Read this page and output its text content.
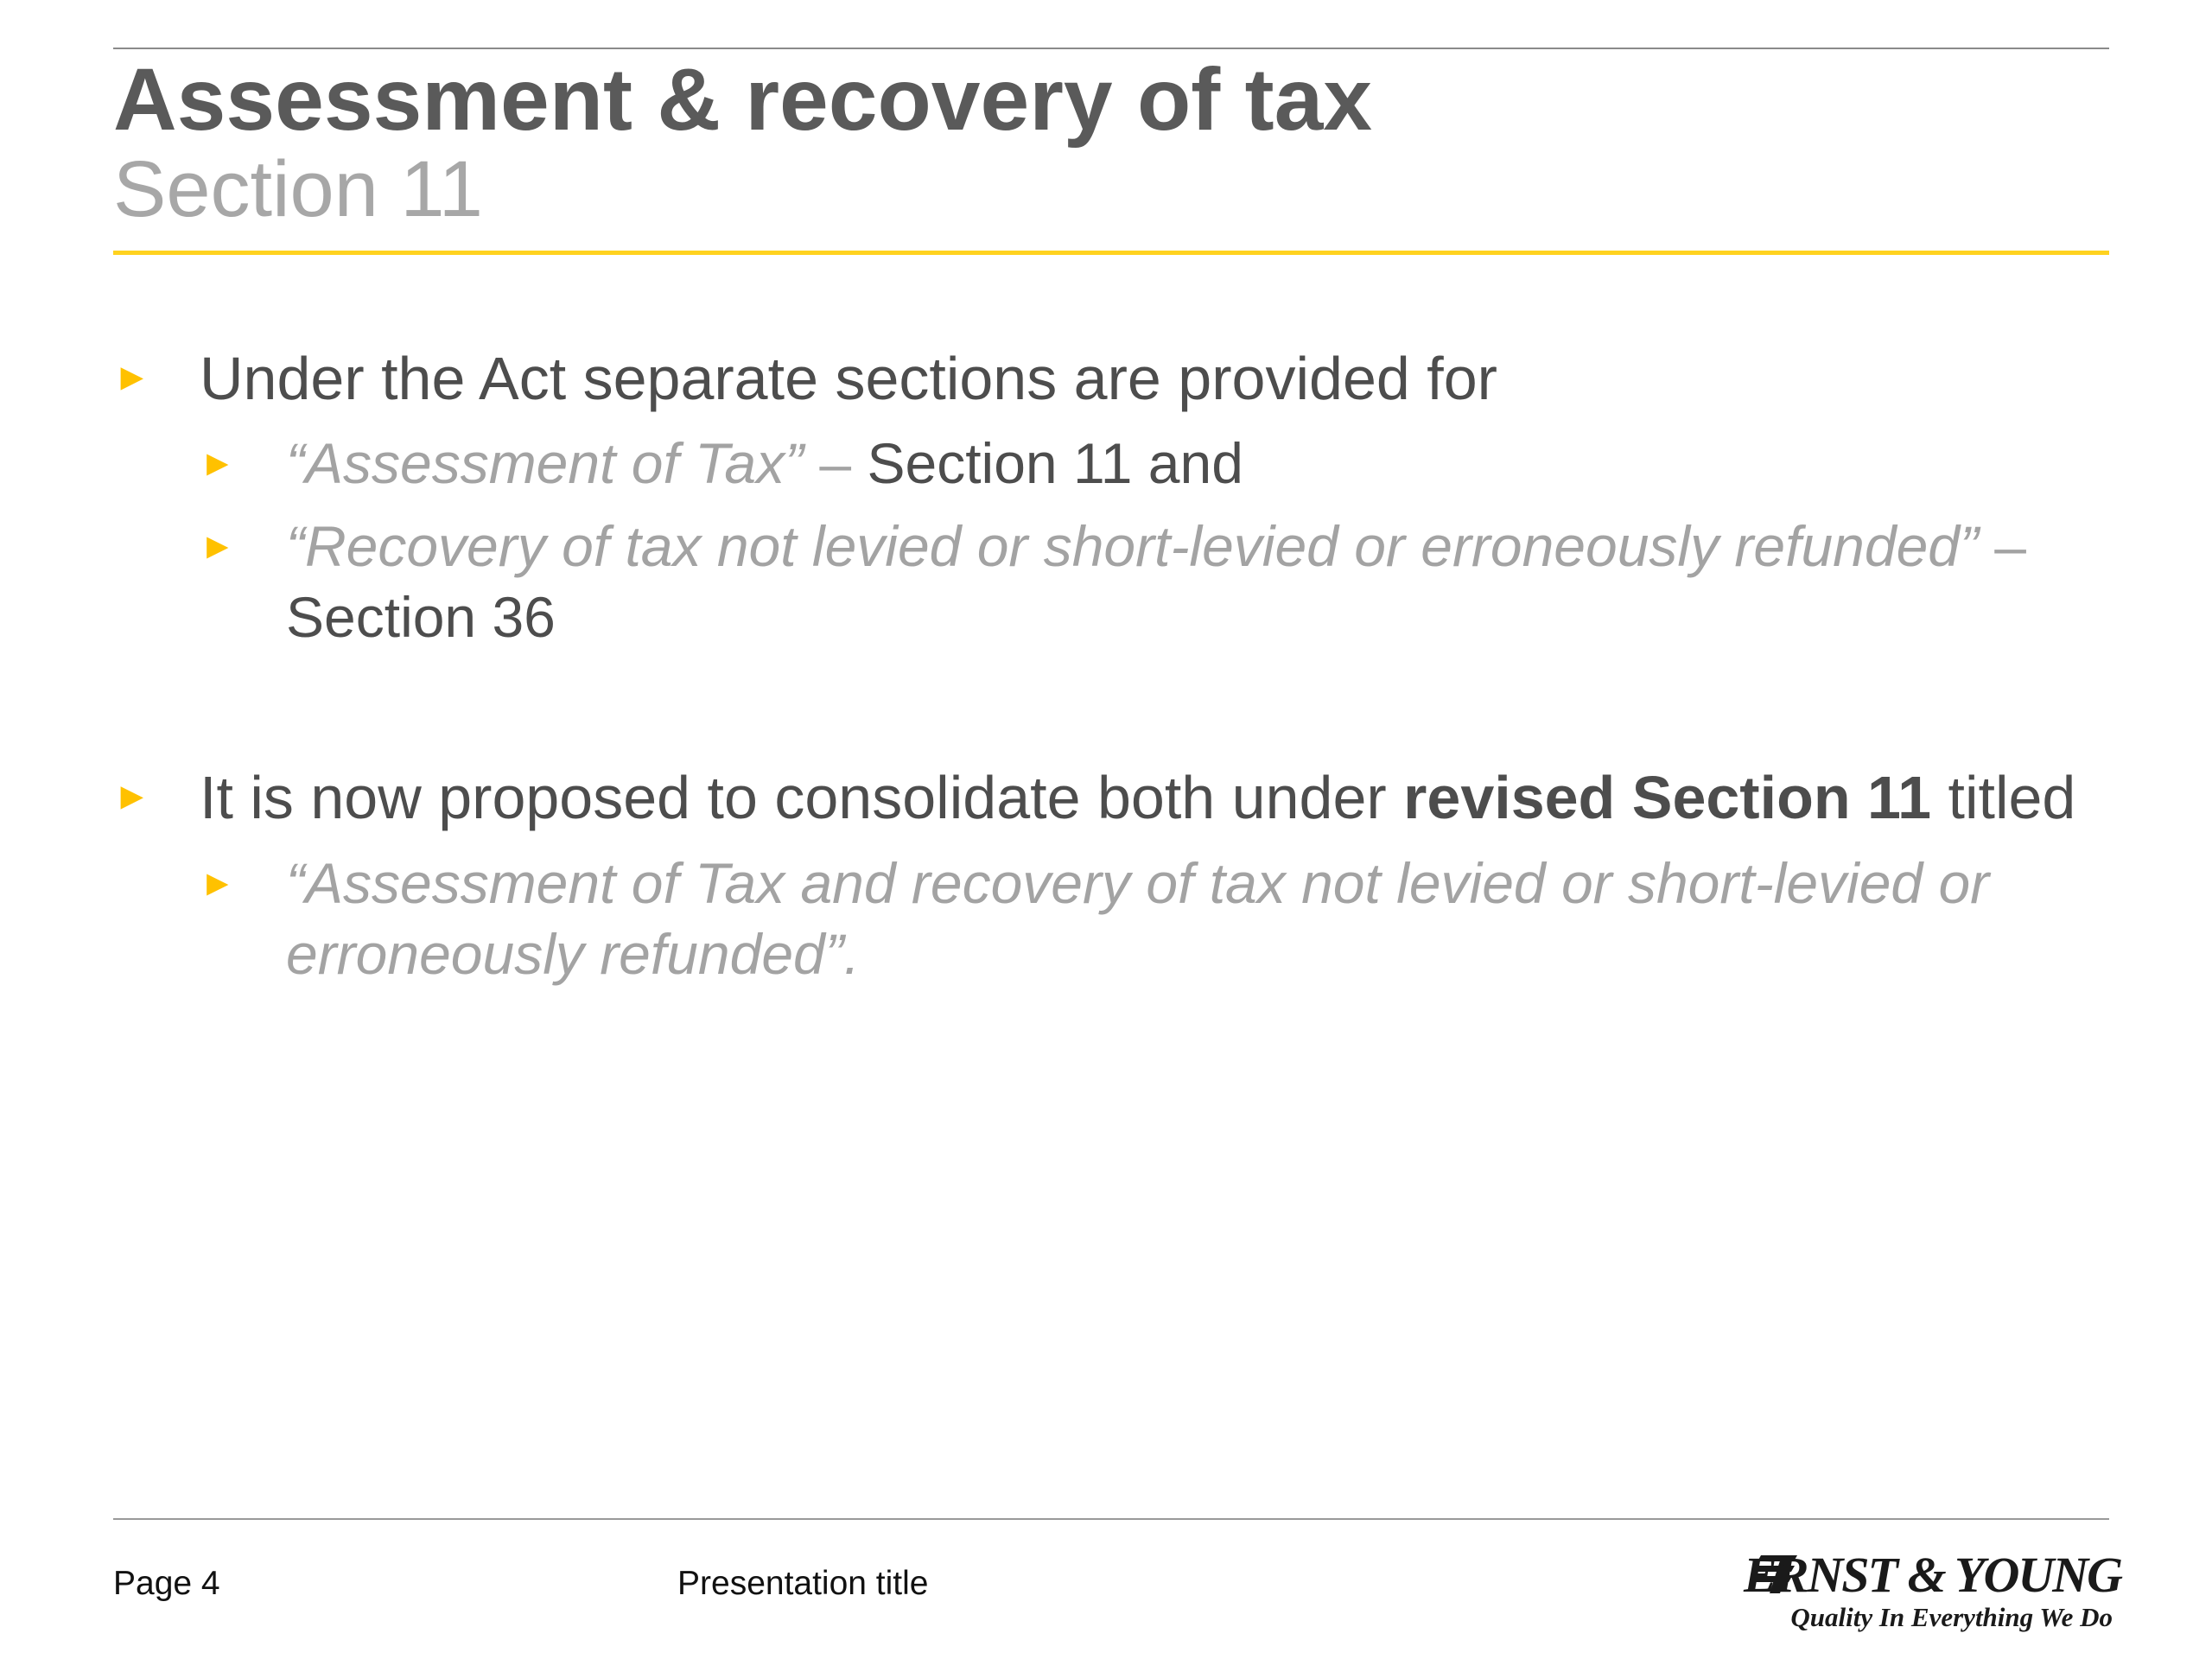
Assessment & recovery of tax
Section 11
► Under the Act separate sections are provided for
► “Assessment of Tax” – Section 11 and
► “Recovery of tax not levied or short-levied or erroneously refunded” – Section 36
► It is now proposed to consolidate both under revised Section 11 titled
► “Assessment of Tax and recovery of tax not levied or short-levied or erroneously refunded”.
Page 4	Presentation title	ERNST & YOUNG
Quality In Everything We Do
